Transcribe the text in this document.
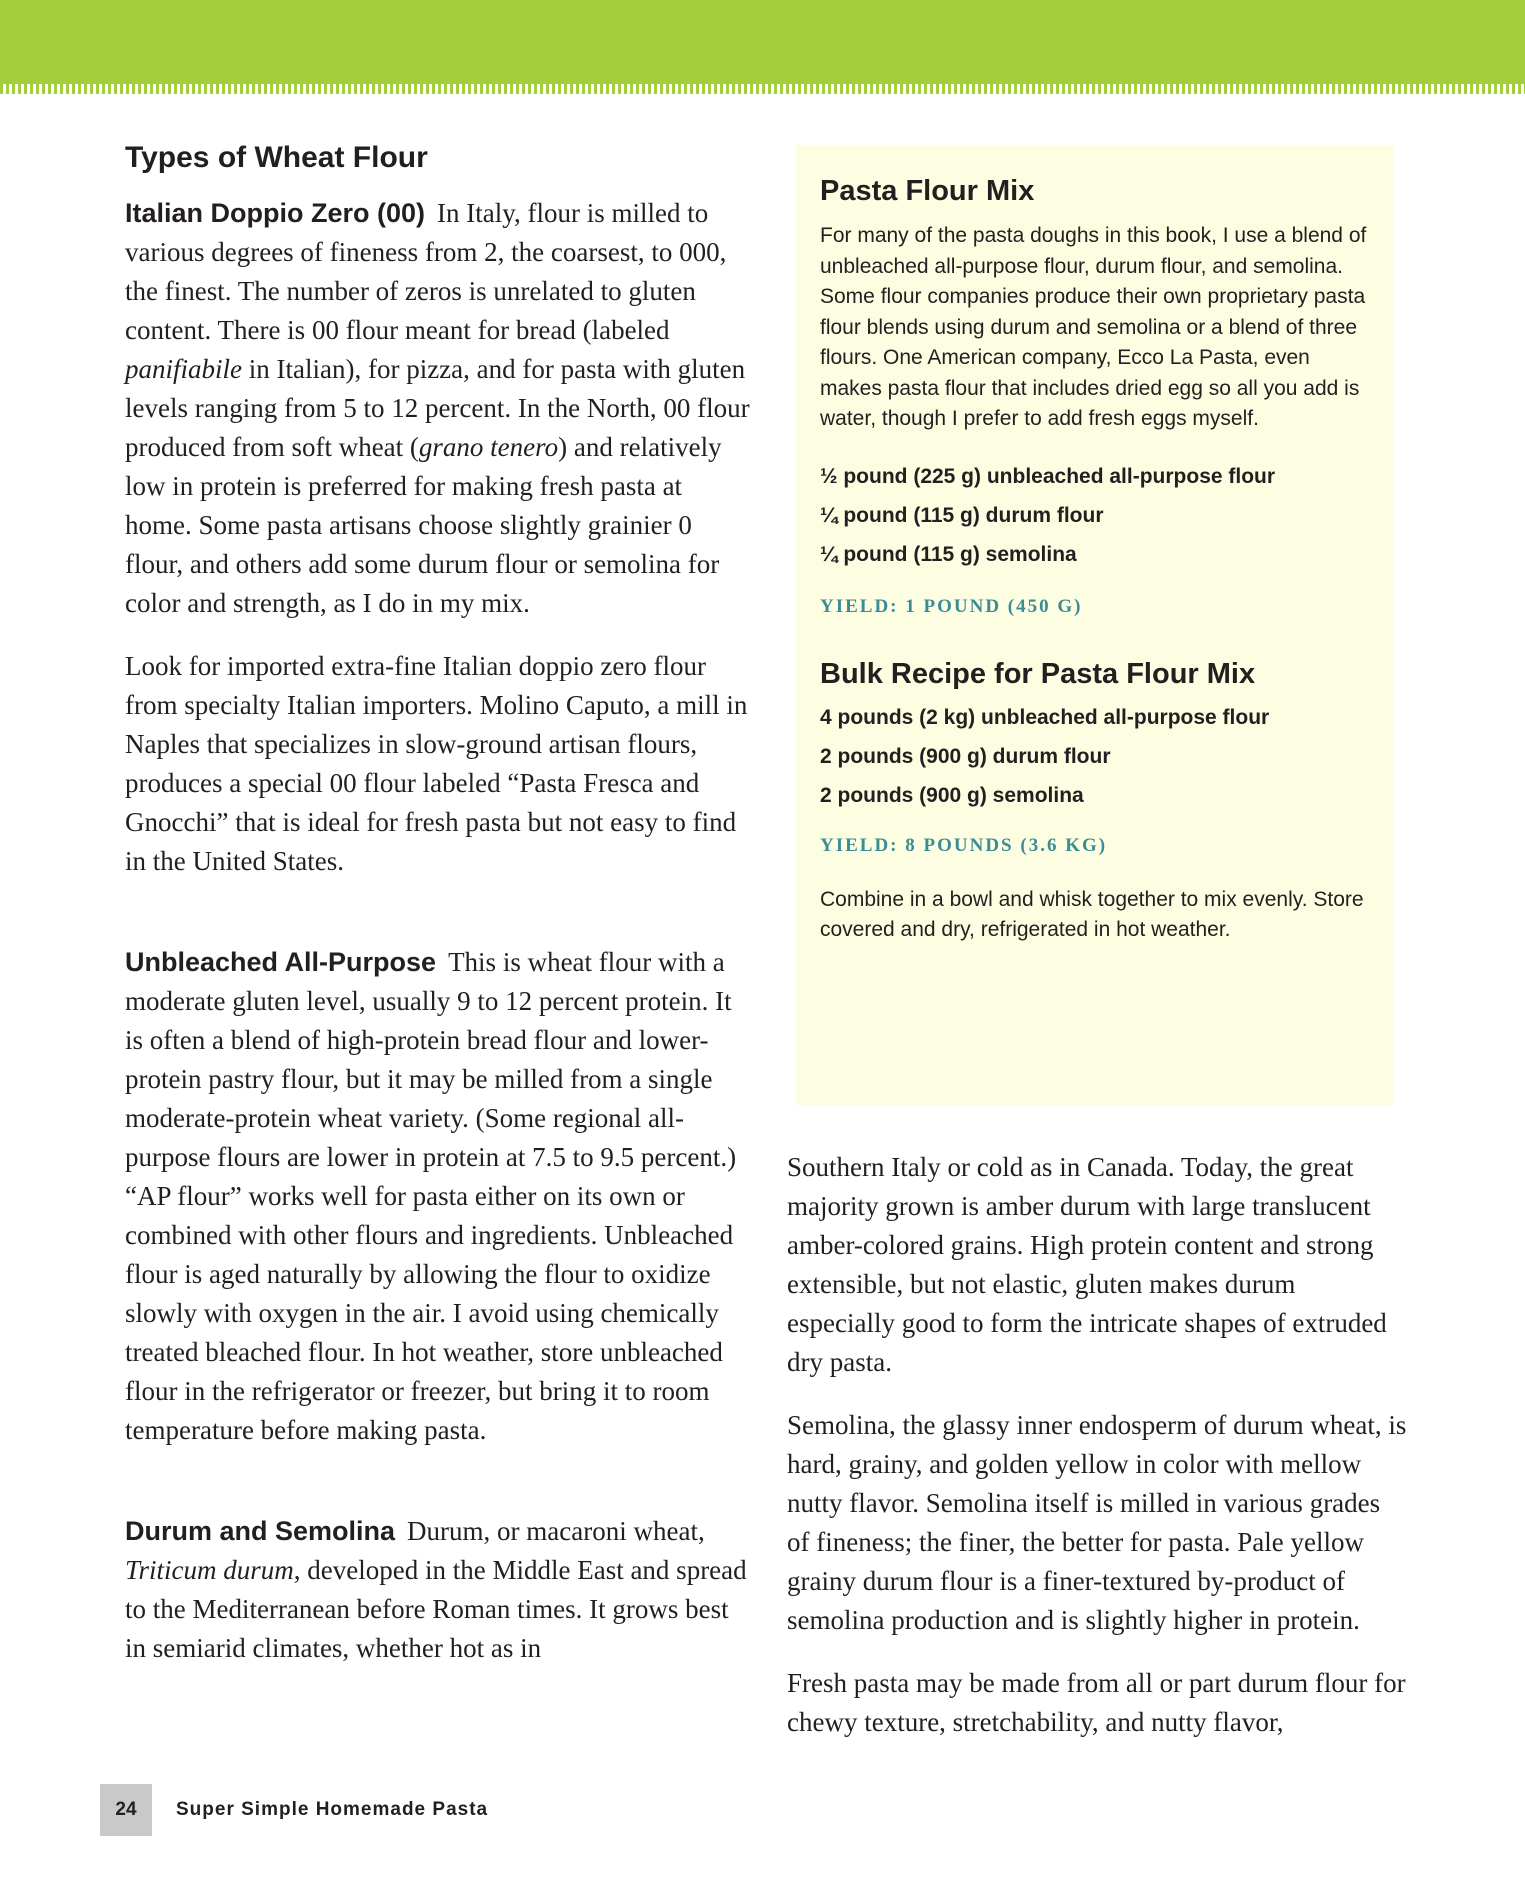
Types of Wheat Flour

Italian Doppio Zero (00) In Italy, flour is milled to various degrees of fineness from 2, the coarsest, to 000, the finest. The number of zeros is unrelated to gluten content. There is 00 flour meant for bread (labeled panifiabile in Italian), for pizza, and for pasta with gluten levels ranging from 5 to 12 percent. In the North, 00 flour produced from soft wheat (grano tenero) and relatively low in protein is preferred for making fresh pasta at home. Some pasta artisans choose slightly grainier 0 flour, and others add some durum flour or semolina for color and strength, as I do in my mix.

Look for imported extra-fine Italian doppio zero flour from specialty Italian importers. Molino Caputo, a mill in Naples that specializes in slow-ground artisan flours, produces a special 00 flour labeled “Pasta Fresca and Gnocchi” that is ideal for fresh pasta but not easy to find in the United States.

Unbleached All-Purpose This is wheat flour with a moderate gluten level, usually 9 to 12 percent protein. It is often a blend of high-protein bread flour and lower-protein pastry flour, but it may be milled from a single moderate-protein wheat variety. (Some regional all-purpose flours are lower in protein at 7.5 to 9.5 percent.) “AP flour” works well for pasta either on its own or combined with other flours and ingredients. Unbleached flour is aged naturally by allowing the flour to oxidize slowly with oxygen in the air. I avoid using chemically treated bleached flour. In hot weather, store unbleached flour in the refrigerator or freezer, but bring it to room temperature before making pasta.

Durum and Semolina Durum, or macaroni wheat, Triticum durum, developed in the Middle East and spread to the Mediterranean before Roman times. It grows best in semiarid climates, whether hot as in

Pasta Flour Mix

For many of the pasta doughs in this book, I use a blend of unbleached all-purpose flour, durum flour, and semolina. Some flour companies produce their own proprietary pasta flour blends using durum and semolina or a blend of three flours. One American company, Ecco La Pasta, even makes pasta flour that includes dried egg so all you add is water, though I prefer to add fresh eggs myself.

½ pound (225 g) unbleached all-purpose flour
¼ pound (115 g) durum flour
¼ pound (115 g) semolina

YIELD: 1 POUND (450 G)

Bulk Recipe for Pasta Flour Mix
4 pounds (2 kg) unbleached all-purpose flour
2 pounds (900 g) durum flour
2 pounds (900 g) semolina

YIELD: 8 POUNDS (3.6 KG)

Combine in a bowl and whisk together to mix evenly. Store covered and dry, refrigerated in hot weather.

Southern Italy or cold as in Canada. Today, the great majority grown is amber durum with large translucent amber-colored grains. High protein content and strong extensible, but not elastic, gluten makes durum especially good to form the intricate shapes of extruded dry pasta.

Semolina, the glassy inner endosperm of durum wheat, is hard, grainy, and golden yellow in color with mellow nutty flavor. Semolina itself is milled in various grades of fineness; the finer, the better for pasta. Pale yellow grainy durum flour is a finer-textured by-product of semolina production and is slightly higher in protein.

Fresh pasta may be made from all or part durum flour for chewy texture, stretchability, and nutty flavor,

24	Super Simple Homemade Pasta
